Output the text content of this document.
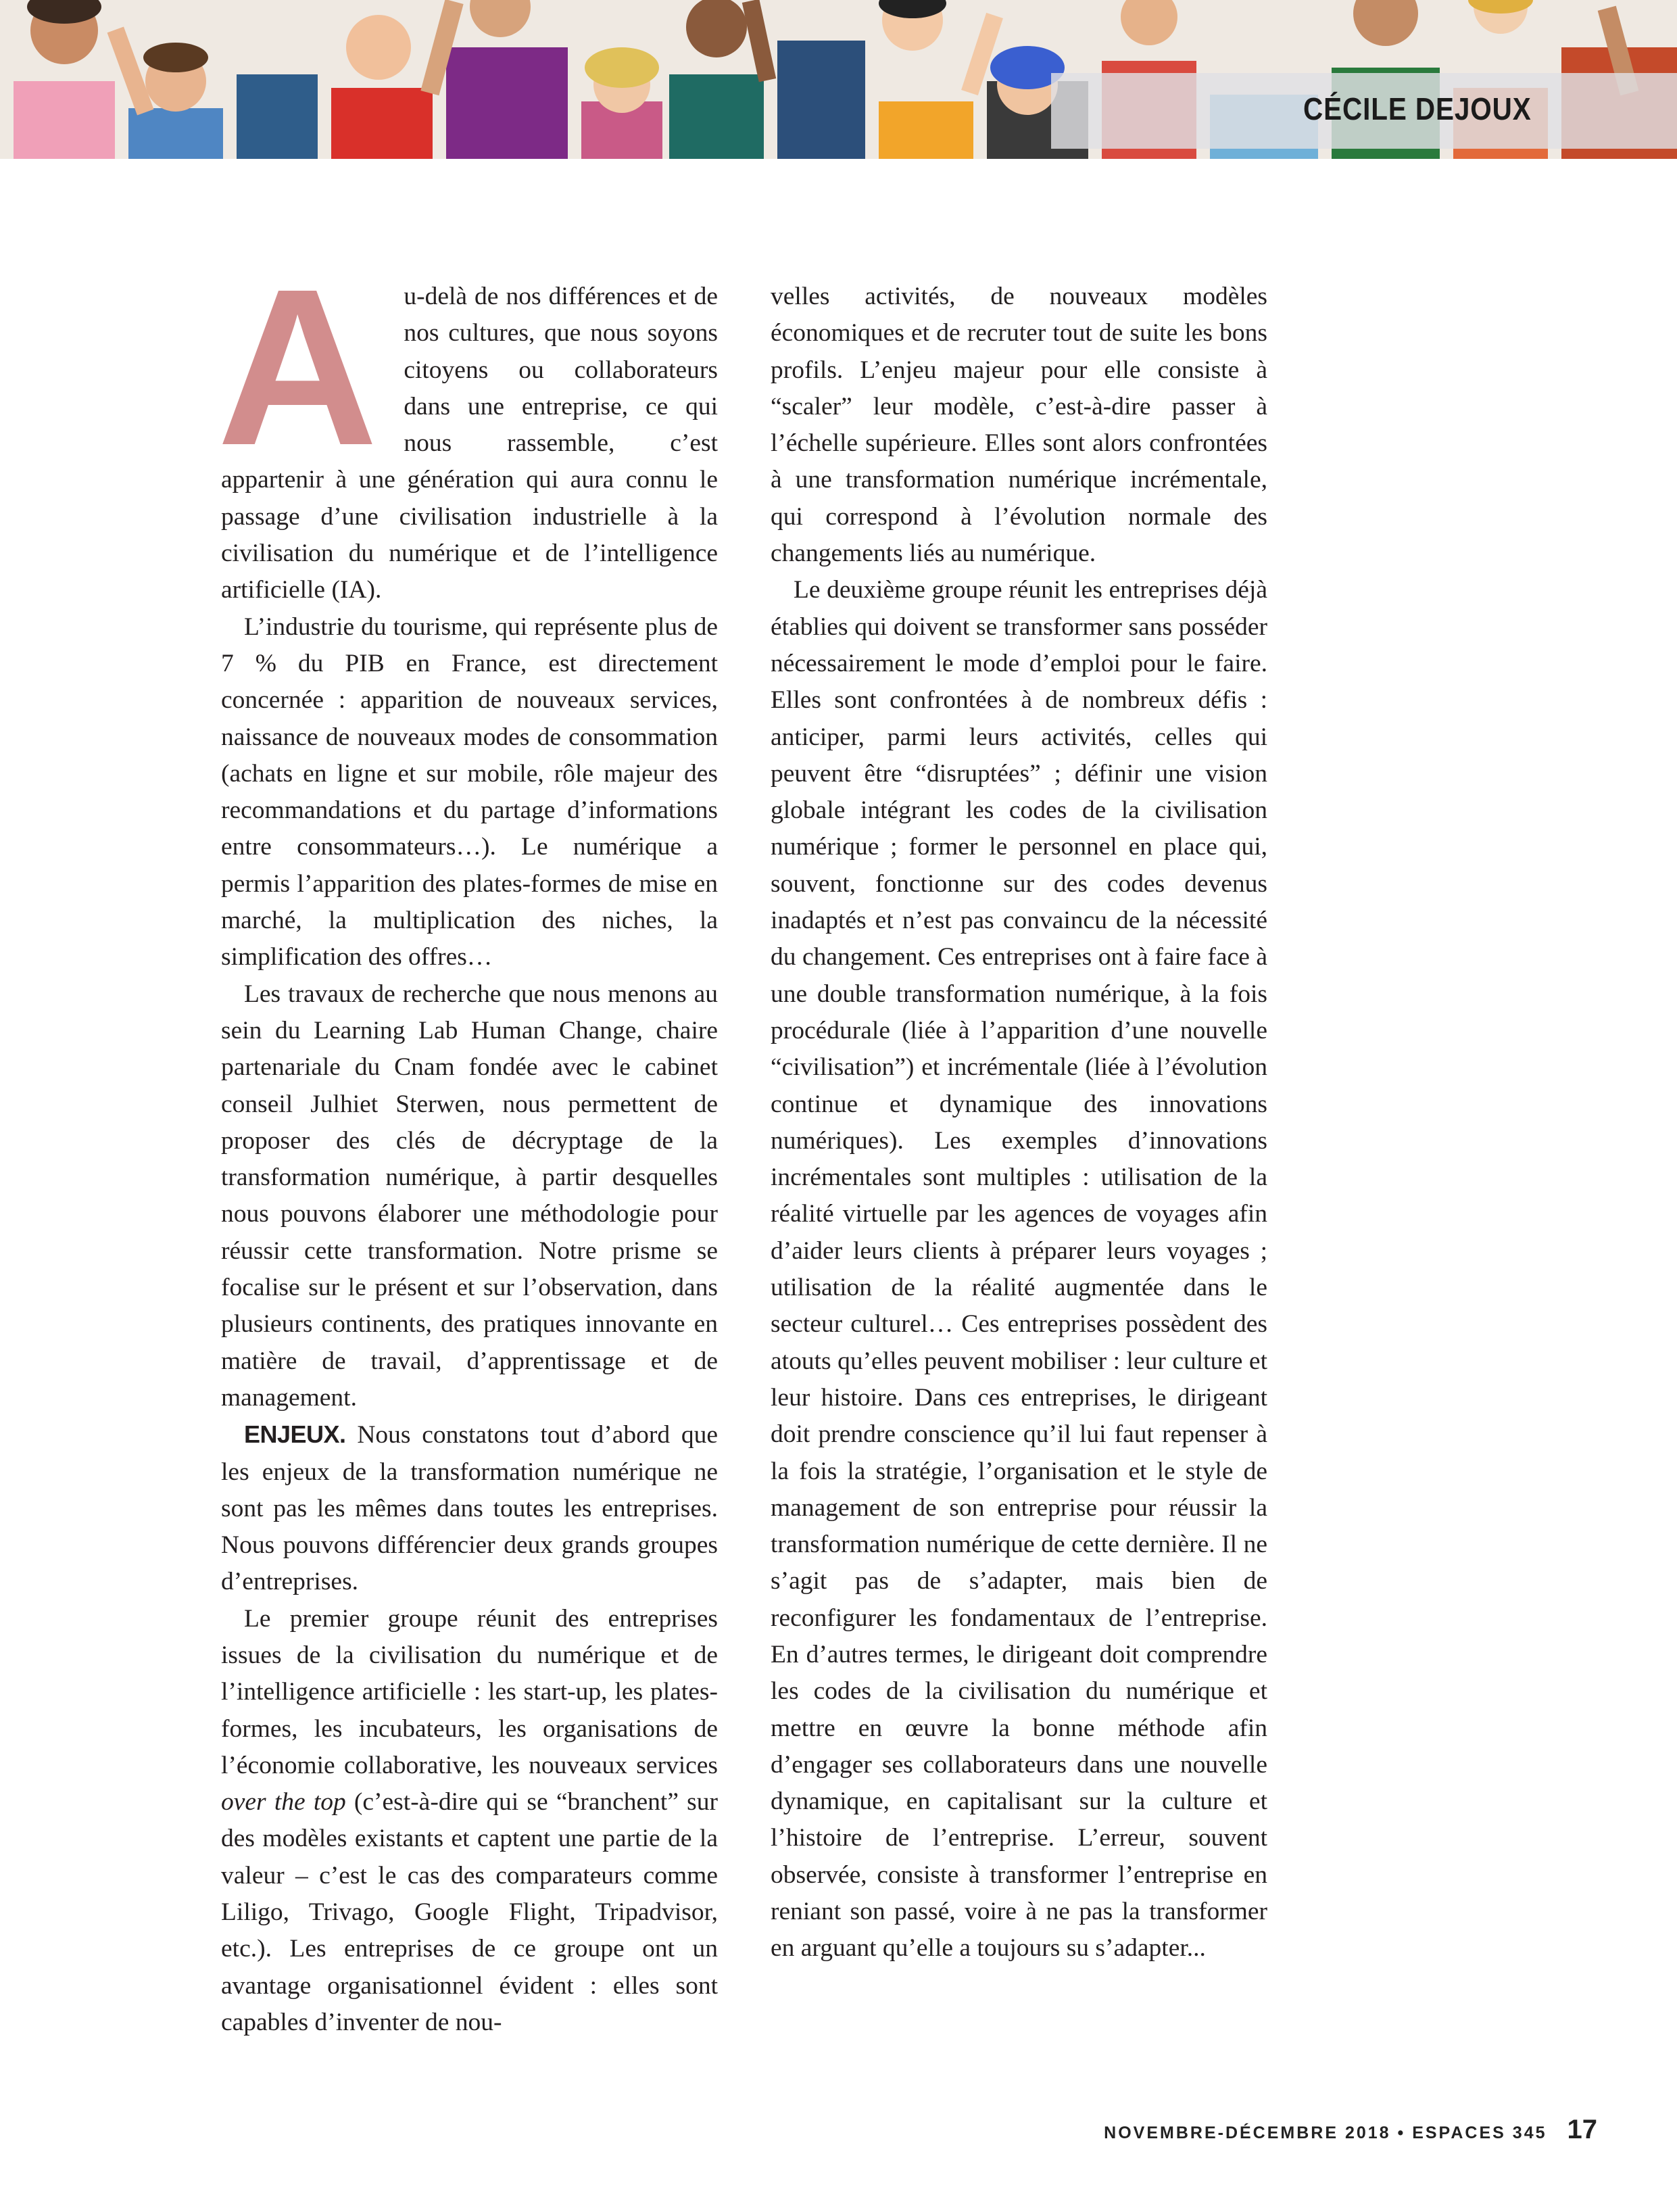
CÉCILE DEJOUX

A u-delà de nos différences et de nos cultures, que nous soyons citoyens ou collaborateurs dans une entreprise, ce qui nous rassemble, c’est appartenir à une génération qui aura connu le passage d’une civilisation industrielle à la civilisation du numérique et de l’intelligence artificielle (IA).

L’industrie du tourisme, qui représente plus de 7 % du PIB en France, est directement concernée : apparition de nouveaux services, naissance de nouveaux modes de consommation (achats en ligne et sur mobile, rôle majeur des recommandations et du partage d’informations entre consommateurs…). Le numérique a permis l’apparition des plates-formes de mise en marché, la multiplication des niches, la simplification des offres…

Les travaux de recherche que nous menons au sein du Learning Lab Human Change, chaire partenariale du Cnam fondée avec le cabinet conseil Julhiet Sterwen, nous permettent de proposer des clés de décryptage de la transformation numérique, à partir desquelles nous pouvons élaborer une méthodologie pour réussir cette transformation. Notre prisme se focalise sur le présent et sur l’observation, dans plusieurs continents, des pratiques innovante en matière de travail, d’apprentissage et de management.

ENJEUX. Nous constatons tout d’abord que les enjeux de la transformation numérique ne sont pas les mêmes dans toutes les entreprises. Nous pouvons différencier deux grands groupes d’entreprises.

Le premier groupe réunit des entreprises issues de la civilisation du numérique et de l’intelligence artificielle : les start-up, les plates-formes, les incubateurs, les organisations de l’économie collaborative, les nouveaux services over the top (c’est-à-dire qui se “branchent” sur des modèles existants et captent une partie de la valeur – c’est le cas des comparateurs comme Liligo, Trivago, Google Flight, Tripadvisor, etc.). Les entreprises de ce groupe ont un avantage organisationnel évident : elles sont capables d’inventer de nou-

velles activités, de nouveaux modèles économiques et de recruter tout de suite les bons profils. L’enjeu majeur pour elle consiste à “scaler” leur modèle, c’est-à-dire passer à l’échelle supérieure. Elles sont alors confrontées à une transformation numérique incrémentale, qui correspond à l’évolution normale des changements liés au numérique.

Le deuxième groupe réunit les entreprises déjà établies qui doivent se transformer sans posséder nécessairement le mode d’emploi pour le faire. Elles sont confrontées à de nombreux défis : anticiper, parmi leurs activités, celles qui peuvent être “disruptées” ; définir une vision globale intégrant les codes de la civilisation numérique ; former le personnel en place qui, souvent, fonctionne sur des codes devenus inadaptés et n’est pas convaincu de la nécessité du changement. Ces entreprises ont à faire face à une double transformation numérique, à la fois procédurale (liée à l’apparition d’une nouvelle “civilisation”) et incrémentale (liée à l’évolution continue et dynamique des innovations numériques). Les exemples d’innovations incrémentales sont multiples : utilisation de la réalité virtuelle par les agences de voyages afin d’aider leurs clients à préparer leurs voyages ; utilisation de la réalité augmentée dans le secteur culturel… Ces entreprises possèdent des atouts qu’elles peuvent mobiliser : leur culture et leur histoire. Dans ces entreprises, le dirigeant doit prendre conscience qu’il lui faut repenser à la fois la stratégie, l’organisation et le style de management de son entreprise pour réussir la transformation numérique de cette dernière. Il ne s’agit pas de s’adapter, mais bien de reconfigurer les fondamentaux de l’entreprise. En d’autres termes, le dirigeant doit comprendre les codes de la civilisation du numérique et mettre en œuvre la bonne méthode afin d’engager ses collaborateurs dans une nouvelle dynamique, en capitalisant sur la culture et l’histoire de l’entreprise. L’erreur, souvent observée, consiste à transformer l’entreprise en reniant son passé, voire à ne pas la transformer en arguant qu’elle a toujours su s’adapter...

NOVEMBRE-DÉCEMBRE 2018 • ESPACES 345 17
